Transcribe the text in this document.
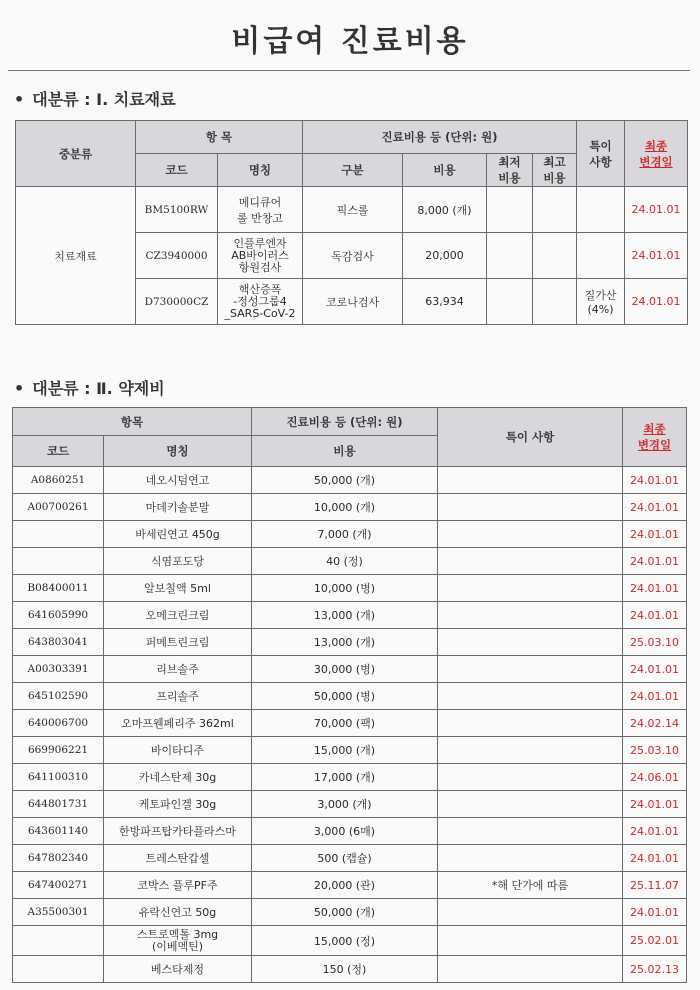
비급여 진료비용
• 대분류 : Ⅰ. 치료재료
중분류	항 목		진료비용 등 (단위: 원)				특이
사항	최종
변경일
	코드	명칭	구분	비용	최저
비용	최고
비용		
치료재료	BM5100RW	메디큐어
롤 반창고	픽스롤	8,000 (개)				24.01.01
	CZ3940000	인플루엔자
AB바이러스
항원검사	독감검사	20,000				24.01.01
	D730000CZ	핵산증폭
-정성그룹4
_SARS-CoV-2	코로나검사	63,934			질가산
(4%)	24.01.01
• 대분류 : Ⅱ. 약제비
항목		진료비용 등 (단위: 원)	특이 사항	최종
변경일
코드	명칭	비용		
A0860251	네오시덤연고	50,000 (개)		24.01.01
A00700261	마데키솔분말	10,000 (개)		24.01.01
	바세린연고 450g	7,000 (개)		24.01.01
	식염포도당	40 (정)		24.01.01
B08400011	알보칠액 5ml	10,000 (병)		24.01.01
641605990	오메크린크림	13,000 (개)		24.01.01
643803041	퍼메트린크림	13,000 (개)		25.03.10
A00303391	리브솔주	30,000 (병)		24.01.01
645102590	프리솔주	50,000 (병)		24.01.01
640006700	오마프웬페리주 362ml	70,000 (팩)		24.02.14
669906221	바이타디주	15,000 (개)		25.03.10
641100310	카네스탄제 30g	17,000 (개)		24.06.01
644801731	케토파인겔 30g	3,000 (개)		24.01.01
643601140	한방파프탑카타플라스마	3,000 (6매)		24.01.01
647802340	트레스탄갑셀	500 (캡슐)		24.01.01
647400271	코박스 플루PF주	20,000 (관)	*해 단가에 따름	25.11.07
A35500301	유락신연고 50g	50,000 (개)		24.01.01
	스트로멕톨 3mg
(이베멕틴)	15,000 (정)		25.02.01
	베스타제정	150 (정)		25.02.13
